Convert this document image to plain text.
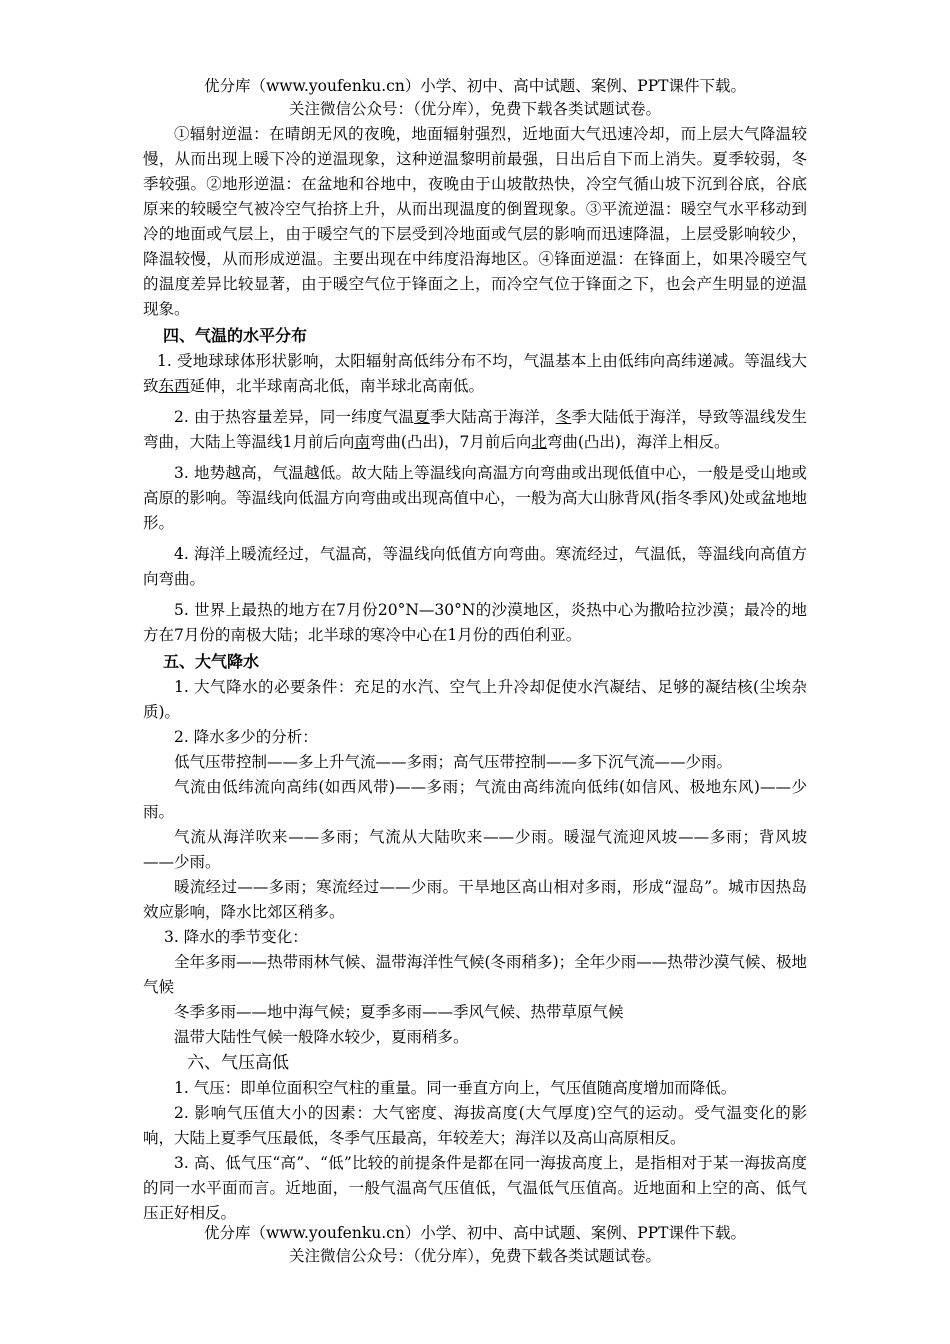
优分库（www.youfenku.cn）小学、初中、高中试题、案例、PPT课件下载。
关注微信公众号：（优分库），免费下载各类试题试卷。

①辐射逆温：在晴朗无风的夜晚，地面辐射强烈，近地面大气迅速冷却，而上层大气降温较慢，从而出现上暖下冷的逆温现象，这种逆温黎明前最强，日出后自下而上消失。夏季较弱，冬季较强。②地形逆温：在盆地和谷地中，夜晚由于山坡散热快，冷空气循山坡下沉到谷底，谷底原来的较暖空气被冷空气抬挤上升，从而出现温度的倒置现象。③平流逆温：暖空气水平移动到冷的地面或气层上，由于暖空气的下层受到冷地面或气层的影响而迅速降温，上层受影响较少，降温较慢，从而形成逆温。主要出现在中纬度沿海地区。④锋面逆温：在锋面上，如果冷暖空气的温度差异比较显著，由于暖空气位于锋面之上，而冷空气位于锋面之下，也会产生明显的逆温现象。

四、气温的水平分布

1. 受地球球体形状影响，太阳辐射高低纬分布不均，气温基本上由低纬向高纬递减。等温线大致东西延伸，北半球南高北低，南半球北高南低。

2. 由于热容量差异，同一纬度气温夏季大陆高于海洋，冬季大陆低于海洋，导致等温线发生弯曲，大陆上等温线1月前后向南弯曲(凸出)，7月前后向北弯曲(凸出)，海洋上相反。

3. 地势越高，气温越低。故大陆上等温线向高温方向弯曲或出现低值中心，一般是受山地或高原的影响。等温线向低温方向弯曲或出现高值中心，一般为高大山脉背风(指冬季风)处或盆地地形。

4. 海洋上暖流经过，气温高，等温线向低值方向弯曲。寒流经过，气温低，等温线向高值方向弯曲。

5. 世界上最热的地方在7月份20°N—30°N的沙漠地区，炎热中心为撒哈拉沙漠；最冷的地方在7月份的南极大陆；北半球的寒冷中心在1月份的西伯利亚。

五、大气降水

1. 大气降水的必要条件：充足的水汽、空气上升冷却促使水汽凝结、足够的凝结核(尘埃杂质)。

2. 降水多少的分析：

低气压带控制——多上升气流——多雨；高气压带控制——多下沉气流——少雨。

气流由低纬流向高纬(如西风带)——多雨；气流由高纬流向低纬(如信风、极地东风)——少雨。

气流从海洋吹来——多雨；气流从大陆吹来——少雨。暖湿气流迎风坡——多雨；背风坡——少雨。

暖流经过——多雨；寒流经过——少雨。干旱地区高山相对多雨，形成“湿岛”。城市因热岛效应影响，降水比郊区稍多。

3. 降水的季节变化：

全年多雨——热带雨林气候、温带海洋性气候(冬雨稍多)；全年少雨——热带沙漠气候、极地气候

冬季多雨——地中海气候；夏季多雨——季风气候、热带草原气候

温带大陆性气候一般降水较少，夏雨稍多。

六、气压高低

1. 气压：即单位面积空气柱的重量。同一垂直方向上，气压值随高度增加而降低。

2. 影响气压值大小的因素：大气密度、海拔高度(大气厚度)空气的运动。受气温变化的影响，大陆上夏季气压最低，冬季气压最高，年较差大；海洋以及高山高原相反。

3. 高、低气压“高”、“低”比较的前提条件是都在同一海拔高度上，是指相对于某一海拔高度的同一水平面而言。近地面，一般气温高气压值低，气温低气压值高。近地面和上空的高、低气压正好相反。

优分库（www.youfenku.cn）小学、初中、高中试题、案例、PPT课件下载。
关注微信公众号：（优分库），免费下载各类试题试卷。
